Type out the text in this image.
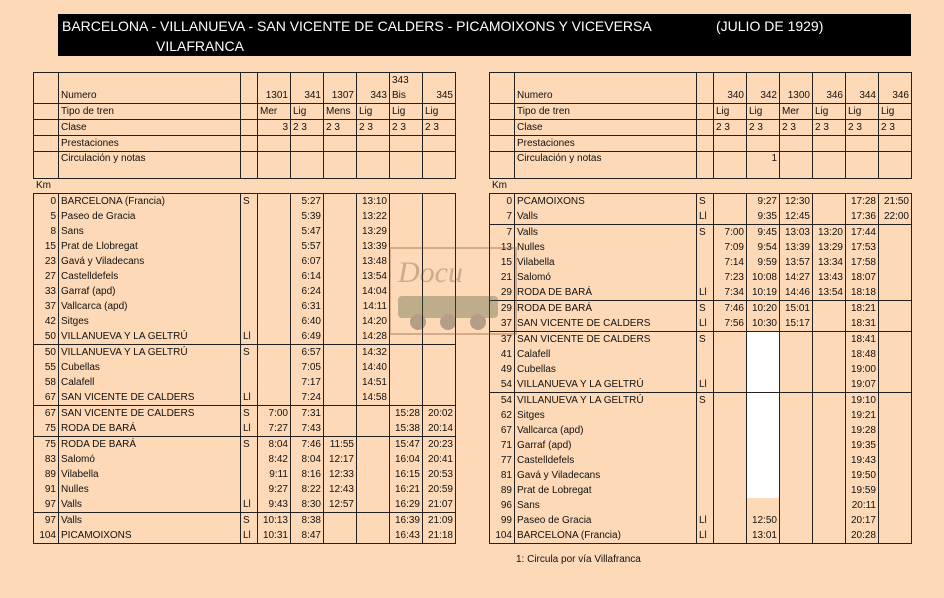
BARCELONA - VILLANUEVA - SAN VICENTE DE CALDERS - PICAMOIXONS Y VICEVERSA	(JULIO DE 1929)
VILAFRANCA
							343	
	Numero		1301	341	1307	343	Bis	345
	Tipo de tren		Mer	Lig	Mens	Lig	Lig	Lig
	Clase		3	2 3	2 3	2 3	2 3	2 3
	Prestaciones							
	Circulación y notas							

	Numero		340	342	1300	346	344	346
	Tipo de tren		Lig	Lig	Mer	Lig	Lig	Lig
	Clase		2 3	2 3	2 3	2 3	2 3	2 3
	Prestaciones							
	Circulación y notas			1				
Km	Km
0	BARCELONA (Francia)	S		5:27		13:10		
5	Paseo de Gracia			5:39		13:22		
8	Sans			5:47		13:29		
15	Prat de Llobregat			5:57		13:39		
23	Gavá y Viladecans			6:07		13:48		
27	Castelldefels			6:14		13:54		
33	Garraf (apd)			6:24		14:04		
37	Vallcarca (apd)			6:31		14:11		
42	Sitges			6:40		14:20		
50	VILLANUEVA Y LA GELTRÚ	Ll		6:49		14:28		
50	VILLANUEVA Y LA GELTRÚ	S		6:57		14:32		
55	Cubellas			7:05		14:40		
58	Calafell			7:17		14:51		
67	SAN VICENTE DE CALDERS	Ll		7:24		14:58		
67	SAN VICENTE DE CALDERS	S	7:00	7:31			15:28	20:02
75	RODA DE BARÁ	Ll	7:27	7:43			15:38	20:14
75	RODA DE BARÁ	S	8:04	7:46	11:55		15:47	20:23
83	Salomó		8:42	8:04	12:17		16:04	20:41
89	Vilabella		9:11	8:16	12:33		16:15	20:53
91	Nulles		9:27	8:22	12:43		16:21	20:59
97	Valls	Ll	9:43	8:30	12:57		16:29	21:07
97	Valls	S	10:13	8:38			16:39	21:09
104	PICAMOIXONS	Ll	10:31	8:47			16:43	21:18
0	PCAMOIXONS	S		9:27	12:30		17:28	21:50
7	Valls	Ll		9:35	12:45		17:36	22:00
7	Valls	S	7:00	9:45	13:03	13:20	17:44	
13	Nulles		7:09	9:54	13:39	13:29	17:53	
15	Vilabella		7:14	9:59	13:57	13:34	17:58	
21	Salomó		7:23	10:08	14:27	13:43	18:07	
29	RODA DE BARÁ	Ll	7:34	10:19	14:46	13:54	18:18	
29	RODA DE BARÁ	S	7:46	10:20	15:01		18:21	
37	SAN VICENTE DE CALDERS	Ll	7:56	10:30	15:17		18:31	
37	SAN VICENTE DE CALDERS	S					18:41	
41	Calafell						18:48	
49	Cubellas						19:00	
54	VILLANUEVA Y LA GELTRÚ	Ll					19:07	
54	VILLANUEVA Y LA GELTRÚ	S					19:10	
62	Sitges						19:21	
67	Vallcarca (apd)						19:28	
71	Garraf (apd)						19:35	
77	Castelldefels						19:43	
81	Gavá y Viladecans						19:50	
89	Prat de Lobregat						19:59	
96	Sans						20:11	
99	Paseo de Gracia	Ll		12:50			20:17	
104	BARCELONA (Francia)	Ll		13:01			20:28	
Docu
1: Circula por vía Villafranca
